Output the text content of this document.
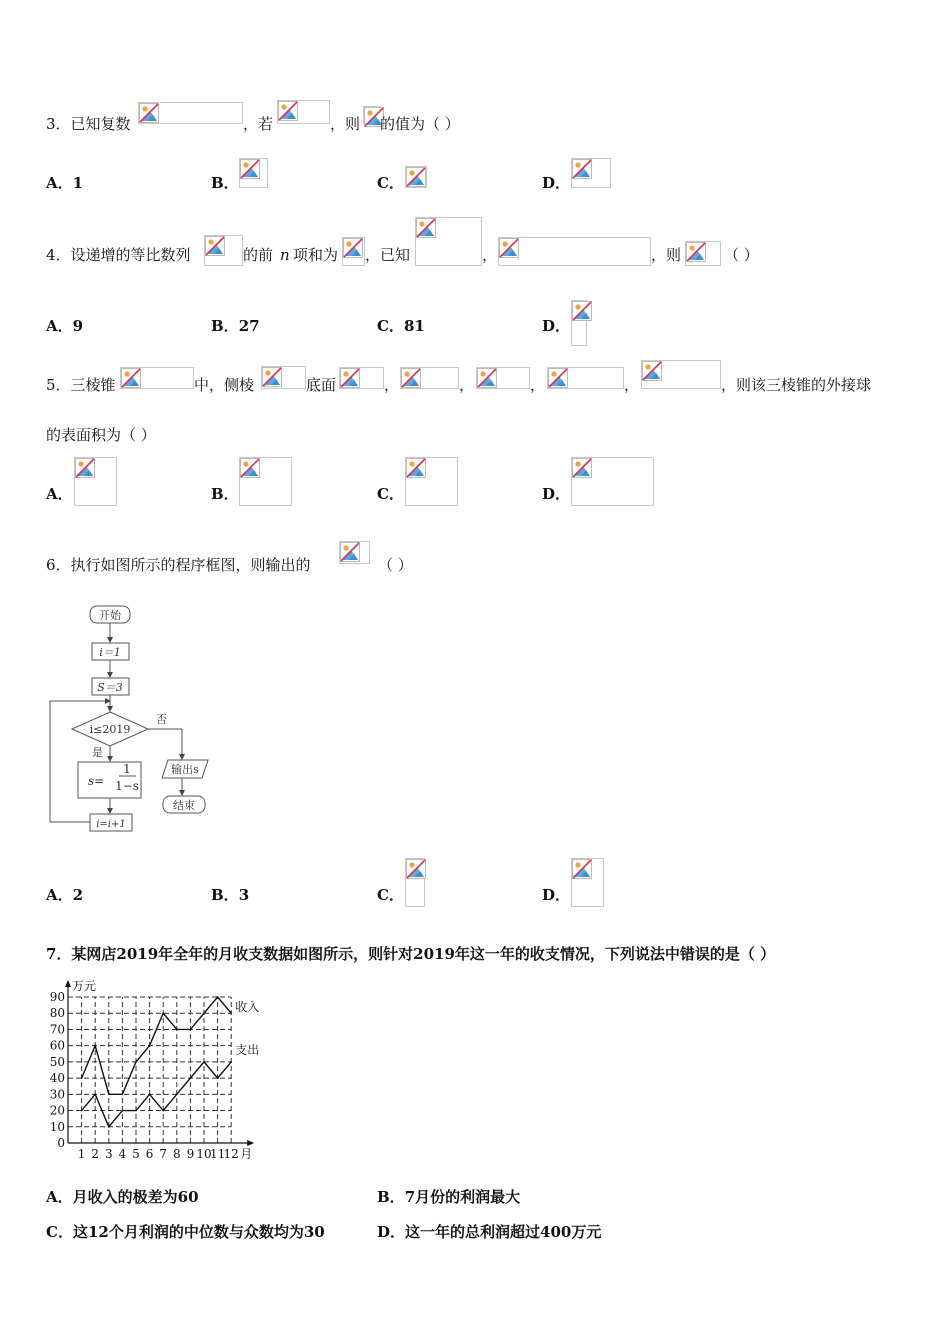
3．已知复数	，若	，则 的值为（ ）
A．1	B．	C．	D．
4．设递增的等比数列	的前 n 项和为 ，已知	，	，则	（ ）
A．9	B．27	C．81	D．
5．三棱锥	中，侧棱	底面	，	，	，	，	，则该三棱锥的外接球
的表面积为（ ）
A．	B．	C．	D．
6．执行如图所示的程序框图，则输出的	（ ）
开始
i＝1
S＝3
i≤2019
否
是
输出s
结束
s=
1
1−s
i=i+1
A．2	B．3	C．	D．
7．某网店2019年全年的月收支数据如图所示，则针对2019年这一年的收支情况，下列说法中错误的是（ ）
0
10
20
30
40
50
60
70
80
90
万元
1 2 3 4 5 6 7 8 9 10
11
12 月
收入
支出
A．月收入的极差为60	B．7月份的利润最大
C．这12个月利润的中位数与众数均为30	D．这一年的总利润超过400万元
